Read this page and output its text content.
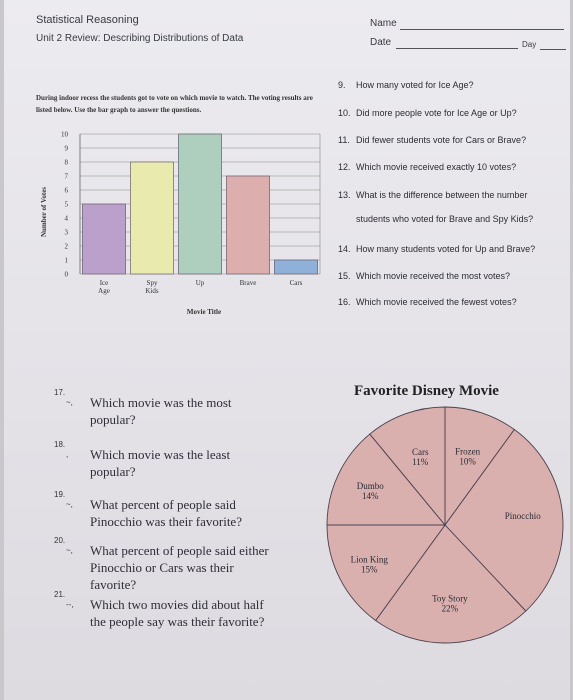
Statistical Reasoning
Unit 2 Review: Describing Distributions of Data
Name
Date	Day
During indoor recess the students got to vote on which movie to watch. The voting results are listed below. Use the bar graph to answer the questions.
0
1
2
3
4
5
6
7
8
9
10
Ice
Age
Spy
Kids
Up	Brave	Cars
Number of Votes
Movie Title
9. How many voted for Ice Age?
10. Did more people vote for Ice Age or Up?
11. Did fewer students vote for Cars or Brave?
12. Which movie received exactly 10 votes?
13. What is the difference between the number
students who voted for Brave and Spy Kids?
14. How many students voted for Up and Brave?
15. Which movie received the most votes?
16. Which movie received the fewest votes?
Favorite Disney Movie
Frozen
10%
Pinocchio
Toy Story
22%
Lion King
15%
Dumbo
14%
Cars
11%
17.
~, Which movie was the most
popular?
18.
, Which movie was the least
popular?
19.
~, What percent of people said
Pinocchio was their favorite?
20.
~, What percent of people said either
Pinocchio or Cars was their
favorite?
21.
--, Which two movies did about half
the people say was their favorite?
